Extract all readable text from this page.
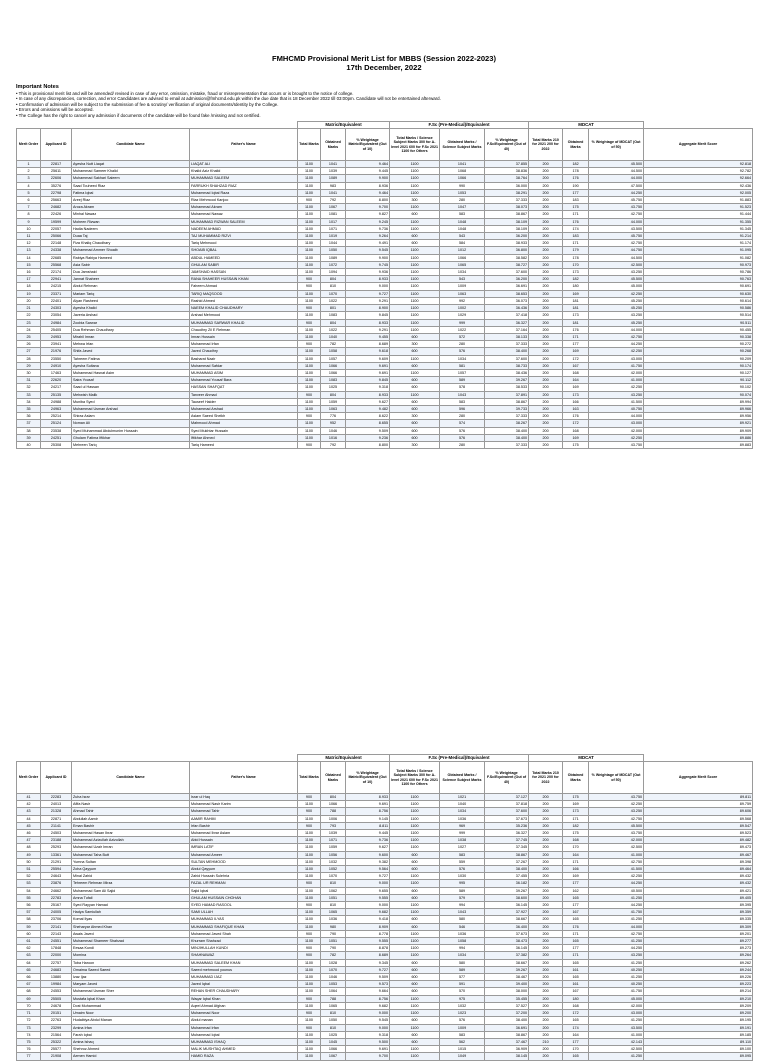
FMHCMD Provisional Merit List for MBBS (Session 2022-2023)
17th December, 2022
Important Notes
• This is provisional merit list and will be amended/ revised in case of any error, omission, mistake, fraud or misrepresentation that occurs or is brought to the notice of college.
• In case of any discrepancies, correction, and error Candidates are advised to email at admission@fmhcmd.edu.pk within the due date that is 18 December 2022 till 03:00pm. Candidate will not be entertained afterward.
• Confirmation of admission will be subject to the submission of fee & scrutiny/ verification of original documents/Identity by the College.
• Errors and omissions will be accepted.
• The College has the right to cancel any admission if documents of the candidate will be found fake /missing and not certified.
				Matric/Equivalent			F.Sc (Pre-Medical)/Equivalent			MDCAT			
Merit Order	Applicant ID	Candidate Name	Father's Name	Total Marks	Obtained Marks	% Weightage Matric/Equivalent (Out of 10)	Total Marks / Science Subject Marks 300 for A-level 2021 600 for F.Sc 2021 1100 for Others	Obtained Marks / Science Subject Marks	% Weightage F.Sc/Equivalent (Out of 40)	Total Marks 210 for 2021 200 for 2022	Obtained Marks	% Weightage of MDCAT (Out of 50)	Aggregate Merit Score
1	22817	Ayesha Nutt Liaqat	LIAQAT ALI	1100	1041	9.464	1100	1041	37.855	200	182	45.500	92.818
2	25611	Muhammad Sameer Khalid	Khalid Aziz Khalid	1100	1039	9.445	1100	1068	38.836	200	178	44.500	92.782
3	22606	Muhammad Sakhari Saleem	MUHAMMAD SALEEM	1100	1089	9.900	1100	1066	38.764	200	176	44.000	92.664
4	35276	Saad Touheed Riaz	FARRUKH SHAHZAD RIAZ	1100	983	8.936	1100	990	36.000	200	190	47.500	92.436
5	22798	Fatima Iqbal	Muhammad Iqbal Raza	1100	1041	9.464	1100	1053	38.291	200	177	44.250	92.005
6	25663	Areej Riaz	Riaz Mehmood Kanjoo	900	792	8.800	300	280	37.333	200	183	45.750	91.883
7	24682	Aroza Akram	Muhammad Akram	1100	1067	9.700	1100	1047	38.073	200	175	43.750	91.523
8	22426	Minhal Nawaz	Muhammad Nawaz	1100	1081	9.827	600	583	38.867	200	171	42.750	91.444
9	19599	Moheen Rizwan	MUHAMMAD RIZWAN SALEEM	1100	1017	9.245	1100	1048	38.109	200	176	44.000	91.355
10	22057	Hadia Nadeem	NADEEM AHMAD	1100	1071	9.736	1100	1048	38.109	200	174	43.500	91.345
11	25066	Duaa Taj	TAJ MUHAMMAD RIZVI	1100	1019	9.264	600	543	36.200	200	183	45.750	91.214
12	22148	Fiza Khaliq Chaudhary	Tariq Mehmood	1100	1044	9.491	600	584	38.933	200	171	42.750	91.174
13	24338	Muhammad Ammer Shoaib	SHOAIB IQBAL	1100	1050	9.545	1100	1012	36.800	200	179	44.750	91.095
14	22685	Rabiya Rabiya Hameed	ABDUL HAMEED	1100	1089	9.900	1100	1066	38.582	200	178	44.500	91.082
15	25568	Asia Sabir	GHULAM SABIR	1100	1072	9.745	1100	1065	38.727	200	170	42.500	90.973
16	22174	Dua Jamshaid	JAMSHAID HASSAN	1100	1094	9.936	1100	1034	37.600	200	173	43.250	90.786
17	22941	Jannat Shaheer	RANA SHAHEER HUSSAIN KHAN	900	804	8.933	1100	543	36.200	200	182	45.500	90.763
18	24215	Abdul Rehman	Faheem Ahmad	900	810	9.000	1100	1009	36.691	200	180	45.000	90.691
19	23371	Mariam Tariq	TARIQ MAQSOOD	1100	1070	9.727	1100	1063	38.653	200	169	42.250	90.630
20	22401	Alyan Rasheed	Rashid Ahmed	1100	1022	9.291	1100	992	36.073	200	181	45.250	90.614
21	24303	Ayesha Khalid	NAEEM KHALID CHAUDHARY	900	801	8.900	1100	1002	36.436	200	181	45.250	90.586
22	23054	Javeria Arshad	Arshad Mehmood	1100	1083	9.845	1100	1029	37.418	200	173	43.250	90.514
23	24984	Zoobia Sarwar	MUHAMMAD SARWAR KHALID	900	804	8.933	1100	999	36.327	200	181	45.250	90.511
24	25405	Dua Rehman Chaudhary	Chaudhry Zil E Rehman	1100	1022	9.291	1100	1022	37.164	200	176	44.000	90.455
25	24953	Mirahil Imran	Imran Hussain	1100	1040	9.455	600	572	38.133	200	171	42.750	90.338
26	23941	Mehwa Irfan	Muhammad Irfan	900	782	8.689	300	280	37.333	200	177	44.250	90.272
27	21976	Shifa Javed	Javed Chaudhry	1100	1058	9.618	600	576	38.400	200	169	42.250	90.268
28	23550	Tahreem Fatima	Basharat Nazir	1100	1057	9.609	1100	1034	37.600	200	172	43.000	90.209
29	24910	Ayesha Sultana	Muhammad Safdar	1100	1066	9.691	600	581	38.733	200	167	41.750	90.174
30	17463	Muhammad Hasnat Asim	MUHAMMAD ASIM	1100	1066	9.691	1100	1057	38.436	200	168	42.000	90.127
31	22620	Saira Yousaf	Muhammad Yousaf Bara	1100	1083	9.845	600	589	39.267	200	164	41.000	90.112
32	24217	Saad ul Hassan	HASSAN SHAFQAT	1100	1025	9.318	600	578	38.533	200	169	42.250	90.102
33	25135	Mehwish Malik	Tanveer Ahmad	900	804	8.933	1100	1043	37.891	200	173	43.250	90.074
34	24988	Muniba Syed	Tauseef Haider	1100	1059	9.627	600	583	38.867	200	166	41.500	89.994
35	24963	Muhammad Usman Arshad	Muhammad Arshad	1100	1063	9.482	600	596	39.733	200	163	40.750	89.966
36	25214	Shiraz Aslam	Aslam Saeed Sheikh	900	776	8.622	300	280	37.333	200	176	44.000	89.956
37	25124	Noman Ali	Mahmood Ahmad	1100	952	8.655	600	574	38.267	200	172	43.000	89.921
38	23538	Syed Muhammad Abdulmunim Hussain	Syed Mukhtar Hussain	1100	1046	9.509	600	576	38.400	200	168	42.000	89.909
39	24251	Ghulam Fatima Iftikhar	Iftikhar Ahmed	1100	1016	9.236	600	576	38.400	200	169	42.250	89.886
40	25308	Mehreen Tariq	Tariq Hameed	900	792	8.800	300	280	37.333	200	175	43.750	89.883
				Matric/Equivalent			F.Sc (Pre-Medical)/Equivalent			MDCAT			
Merit Order	Applicant ID	Candidate Name	Father's Name	Total Marks	Obtained Marks	% Weightage Matric/Equivalent (Out of 10)	Total Marks / Science Subject Marks 300 for A-level 2021 600 for F.Sc 2021 1100 for Others	Obtained Marks / Science Subject Marks	% Weightage F.Sc/Equivalent (Out of 40)	Total Marks 210 for 2021 200 for 2022	Obtained Marks	% Weightage of MDCAT (Out of 50)	Aggregate Merit Score
41	22283	Zuha Israr	Israr ul Haq	900	804	8.933	1100	1021	37.127	200	175	43.750	89.811
42	24013	Afifa Nasir	Muhammad Nasir Karim	1100	1066	9.691	1100	1040	37.818	200	169	42.250	89.759
43	21328	Ahmad Tahir	Muhammad Tahir	900	788	8.756	1100	1034	37.600	200	173	43.250	89.606
44	22871	Abdullah Aamir	AAMIR RAHIM	1100	1006	9.145	1100	1036	37.673	200	171	42.750	89.568
45	21141	Eman Bashir	Irfan Bashir	900	793	8.811	1100	969	35.236	200	182	45.500	89.547
46	24503	Muhammad Hasan Ibrar	Muhammad Ibrar Aslam	1100	1039	9.445	1100	999	36.327	200	175	43.750	89.523
47	23188	Muhammad Azizullah Azizullah	Abid Hussain	1100	1071	9.736	1100	1038	37.745	200	168	42.000	89.482
48	25293	Muhammad Uzair Imran	IMRAN LATIF	1100	1059	9.627	1100	1027	37.345	200	170	42.500	89.473
49	13361	Muhammad Taha Butt	Muhammad Ameer	1100	1056	9.600	600	583	38.867	200	164	41.000	89.467
50	21291	Yumna Sultan	SULTAN MEHMOOD	1100	1032	9.382	600	559	37.267	200	171	42.750	89.398
51	25594	Zoha Qayyum	Abdul Qayyum	1100	1052	9.564	600	576	38.400	200	166	41.500	89.464
52	24643	Minal Zahid	Zahid Hussain Sulehria	1100	1070	9.727	1100	1030	37.455	200	169	42.250	89.432
53	23876	Tehreem Rehman Mirza	FAZAL UR REHMAN	900	810	9.000	1100	995	36.182	200	177	44.250	89.432
54	24662	Muhammad Sam Ali Sajid	Sajid Iqbal	1100	1062	9.655	600	589	39.267	200	162	40.500	89.421
55	22783	Amna Tufail	GHULAM HUSSAIN CHOHAN	1100	1051	9.555	600	579	38.600	200	165	41.250	89.405
56	25167	Syed Rayyan Hamad	SYED HAMAD RASOOL	900	810	9.000	1100	994	36.145	200	177	44.250	89.395
57	24005	Hadya Samiullah	SAMI ULLAH	1100	1065	9.682	1100	1043	37.927	200	167	41.750	89.359
58	23706	Komal Ilyas	MUHAMMAD ILYAS	1100	1036	9.418	600	580	38.667	200	165	41.250	89.335
59	22141	Sheharyar Ahmed Khan	MUHAMMAD SHAFIQUE KHAN	1100	980	8.909	600	546	36.400	200	176	44.000	89.309
60	22143	Awais Javed	Muhammad Javed Shah	900	790	8.778	1100	1036	37.673	200	171	42.750	89.201
61	24551	Muhammad Shameer Shahzad	Khurram Shahzad	1100	1051	9.555	1100	1058	38.473	200	165	41.250	89.277
62	17848	Eesaa Kundi	MINJIHULLAH KUNDI	900	790	8.878	1100	994	36.145	200	177	44.250	89.273
63	22000	Momina	SHAHNAWAZ	900	782	8.689	1100	1034	37.382	200	171	43.250	89.264
64	22757	Toba Haroon	MUHAMMAD SALEEM KHAN	1100	1028	9.345	600	580	38.667	200	165	41.250	89.262
65	24683	Omaima Saeed Saeed	Saeed mehmood younus	1100	1070	9.727	600	589	39.267	200	161	40.250	89.244
66	13880	Izaz Ijaz	MUHAMMAD IJAZ	1100	1046	9.509	600	577	38.467	200	165	41.250	89.226
67	19984	Maryam Javed	Javed Iqbal	1100	1053	9.573	600	591	39.400	200	161	40.250	89.223
68	24553	Muhammad Usman Sher	REHAN SHER CHAUDHARY	1100	1064	9.664	600	570	38.000	200	167	41.750	89.214
69	25505	Mustafa Iqbal Khan	Waqar Iqbal Khan	900	788	8.756	1100	975	35.455	200	180	45.000	89.210
70	24678	Dost Muhammad	Aqeel Ahmad Afghan	1100	1065	9.682	1100	1032	37.527	200	168	42.000	89.209
71	20151	Umaim Noor	Muhammad Noor	900	810	9.000	1100	1023	37.200	200	172	43.000	89.200
72	22763	Hudaibiya Abdul Manan	Abdul manan	1100	1050	9.545	600	576	38.400	200	165	41.250	89.195
73	23299	Amina Irfan	Muhammad Irfan	900	810	9.000	1100	1009	36.691	200	174	43.500	89.191
74	21564	Farah Iqbal	Muhammad Iqbal	1100	1025	9.318	600	583	38.867	200	164	41.000	89.185
75	25322	Amina Ishaq	MUHAMMAD ISHAQ	1100	1045	9.500	600	562	37.467	210	177	42.143	89.110
76	25577	Shehroz Ahmed	MALIK MUSHTAQ AHMED	1100	1066	9.691	1100	1015	36.909	200	170	42.500	89.100
77	21908	Aemen Hamid	HAMID RAZA	1100	1067	9.700	1100	1049	38.145	200	165	41.250	89.095
